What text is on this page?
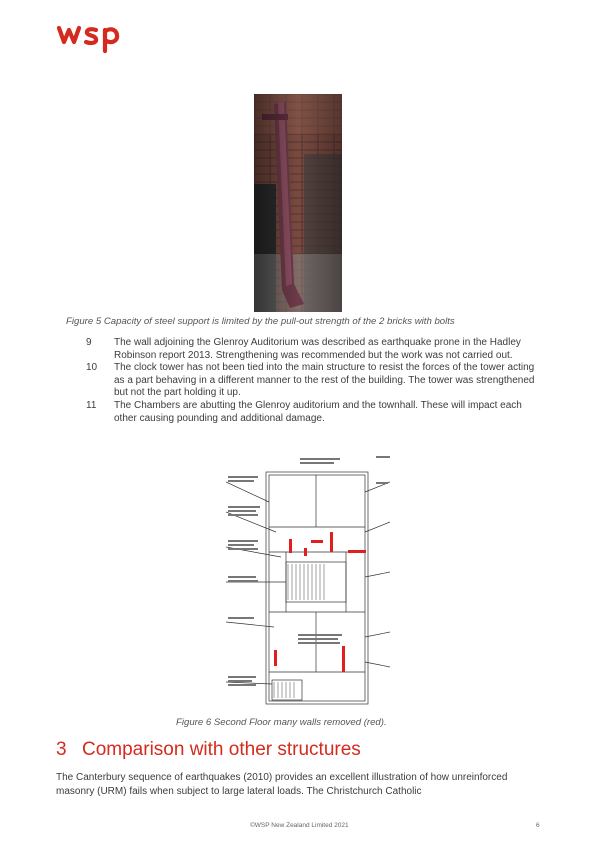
Figure 5 Capacity of steel support is limited by the pull-out strength of the 2 bricks with bolts
9	The wall adjoining the Glenroy Auditorium was described as earthquake prone in the Hadley Robinson report 2013. Strengthening was recommended but the work was not carried out.
10	The clock tower has not been tied into the main structure to resist the forces of the tower acting as a part behaving in a different manner to the rest of the building. The tower was strengthened but not the part holding it up.
11	The Chambers are abutting the Glenroy auditorium and the townhall. These will impact each other causing pounding and additional damage.
Figure 6 Second Floor many walls removed (red).
3 Comparison with other structures
The Canterbury sequence of earthquakes (2010) provides an excellent illustration of how unreinforced masonry (URM) fails when subject to large lateral loads. The Christchurch Catholic
©WSP New Zealand Limited 2021	6
